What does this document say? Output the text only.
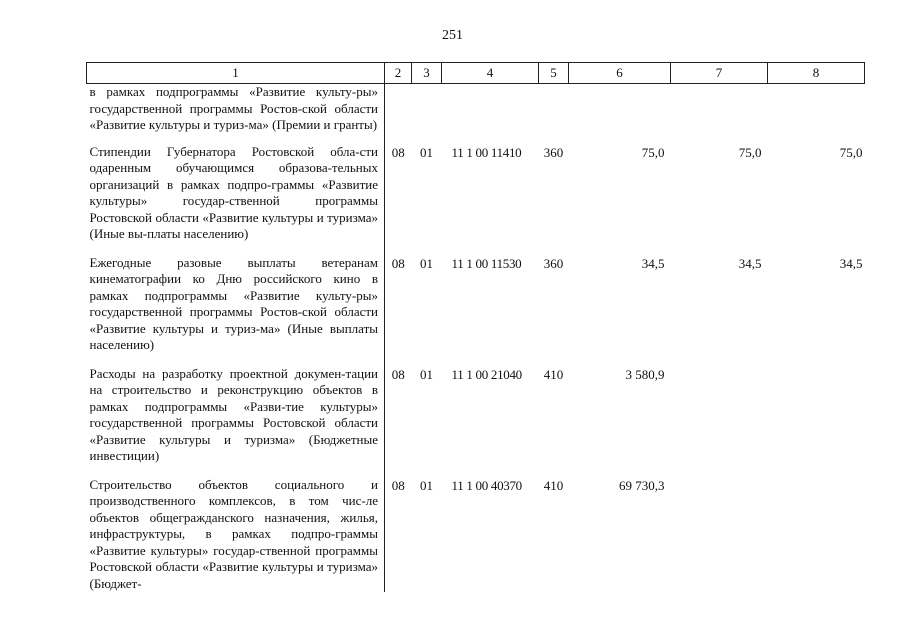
251
1	2	3	4	5	6	7	8
в рамках подпрограммы «Развитие культу-ры» государственной программы Ростов-ской области «Развитие культуры и туриз-ма» (Премии и гранты)							
Стипендии Губернатора Ростовской обла-сти одаренным обучающимся образова-тельных организаций в рамках подпро-граммы «Развитие культуры» государ-ственной программы Ростовской области «Развитие культуры и туризма» (Иные вы-платы населению)	08	01	11 1 00 11410	360	75,0	75,0	75,0
Ежегодные разовые выплаты ветеранам кинематографии ко Дню российского кино в рамках подпрограммы «Развитие культу-ры» государственной программы Ростов-ской области «Развитие культуры и туриз-ма» (Иные выплаты населению)	08	01	11 1 00 11530	360	34,5	34,5	34,5
Расходы на разработку проектной докумен-тации на строительство и реконструкцию объектов в рамках подпрограммы «Разви-тие культуры» государственной программы Ростовской области «Развитие культуры и туризма» (Бюджетные инвестиции)	08	01	11 1 00 21040	410	3 580,9		
Строительство объектов социального и производственного комплексов, в том чис-ле объектов общегражданского назначения, жилья, инфраструктуры, в рамках подпро-граммы «Развитие культуры» государ-ственной программы Ростовской области «Развитие культуры и туризма» (Бюджет-	08	01	11 1 00 40370	410	69 730,3		
